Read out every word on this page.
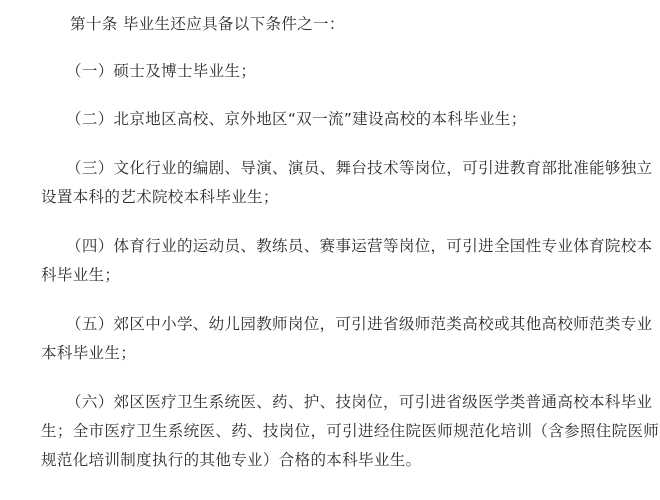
第十条 毕业生还应具备以下条件之一：
（一）硕士及博士毕业生；
（二）北京地区高校、京外地区“双一流”建设高校的本科毕业生；
（三）文化行业的编剧、导演、演员、舞台技术等岗位，可引进教育部批准能够独立
设置本科的艺术院校本科毕业生；
（四）体育行业的运动员、教练员、赛事运营等岗位，可引进全国性专业体育院校本
科毕业生；
（五）郊区中小学、幼儿园教师岗位，可引进省级师范类高校或其他高校师范类专业
本科毕业生；
（六）郊区医疗卫生系统医、药、护、技岗位，可引进省级医学类普通高校本科毕业
生；全市医疗卫生系统医、药、技岗位，可引进经住院医师规范化培训（含参照住院医师
规范化培训制度执行的其他专业）合格的本科毕业生。
